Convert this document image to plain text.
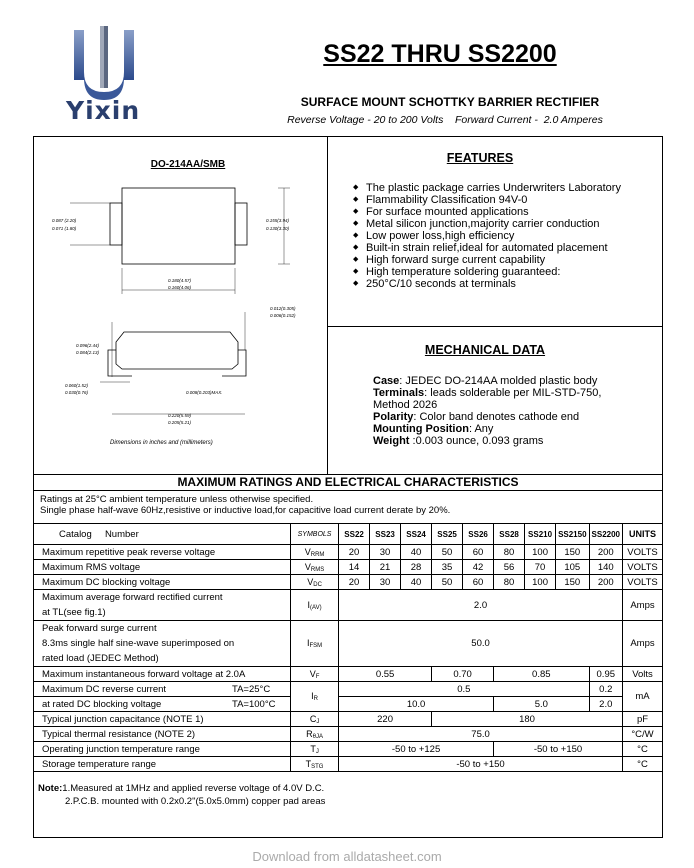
Yixin
SS22 THRU SS2200
SURFACE MOUNT SCHOTTKY BARRIER RECTIFIER
Reverse Voltage - 20 to 200 Volts    Forward Current -  2.0 Amperes
DO-214AA/SMB
0.087 (2.20)
0.071 (1.80)
0.155(3.94)
0.130(3.30)
0.180(4.57)
0.160(4.06)
0.012(0.305)
0.006(0.152)
0.096(2.44)
0.084(2.13)
0.060(1.52)
0.030(0.76)	0.008(0.203)MAX.
0.220(5.59)
0.205(5.21)
Dimensions in inches and (millimeters)
FEATURES
◆ The plastic package carries Underwriters Laboratory
◆ Flammability Classification 94V-0
◆ For surface mounted applications
◆ Metal silicon junction,majority carrier conduction
◆ Low power loss,high efficiency
◆ Built-in strain relief,ideal for automated placement
◆ High forward surge current capability
◆ High temperature soldering guaranteed:
◆ 250°C/10 seconds at terminals
MECHANICAL DATA
Case: JEDEC DO-214AA molded plastic body
Terminals: leads solderable per MIL-STD-750,
Method 2026
Polarity: Color band denotes cathode end
Mounting Position: Any
Weight :0.003 ounce, 0.093 grams
MAXIMUM RATINGS AND ELECTRICAL CHARACTERISTICS
Ratings at 25°C ambient temperature unless otherwise specified.
Single phase half-wave 60Hz,resistive or inductive load,for capacitive load current derate by 20%.
Catalog     Number	SYMBOLS	SS22	SS23	SS24	SS25	SS26	SS28	SS210	SS2150	SS2200	UNITS
Maximum repetitive peak reverse voltage	$V_{RRM}$	20	30	40	50	60	80	100	150	200	VOLTS
Maximum RMS voltage	$V_{RMS}$	14	21	28	35	42	56	70	105	140	VOLTS
Maximum DC blocking voltage	$V_{DC}$	20	30	40	50	60	80	100	150	200	VOLTS

Maximum average forward rectified current
at TL(see fig.1)	$I_{(AV)}$	2.0									Amps

Peak forward surge current
8.3ms single half sine-wave superimposed on
rated load (JEDEC Method)	$I_{FSM}$	50.0									Amps
Maximum instantaneous forward voltage at 2.0A	$V_F$	0.55			0.70		0.85			0.95	Volts
Maximum DC reverse current TA=25°C	$I_R$	0.5								0.2	mA
at rated DC blocking voltage TA=100°C		10.0					5.0			2.0	
Typical junction capacitance (NOTE 1)	$C_J$	220			180						pF
Typical thermal resistance (NOTE 2)	$R_{\theta JA}$	75.0									°C/W
Operating junction temperature range	$T_J$	-50 to +125					-50 to +150				°C
Storage temperature range	$T_{STG}$	-50 to +150									°C
Note:1.Measured at 1MHz and applied reverse voltage of 4.0V D.C.
2.P.C.B. mounted with 0.2x0.2"(5.0x5.0mm) copper pad areas
Download from alldatasheet.com
